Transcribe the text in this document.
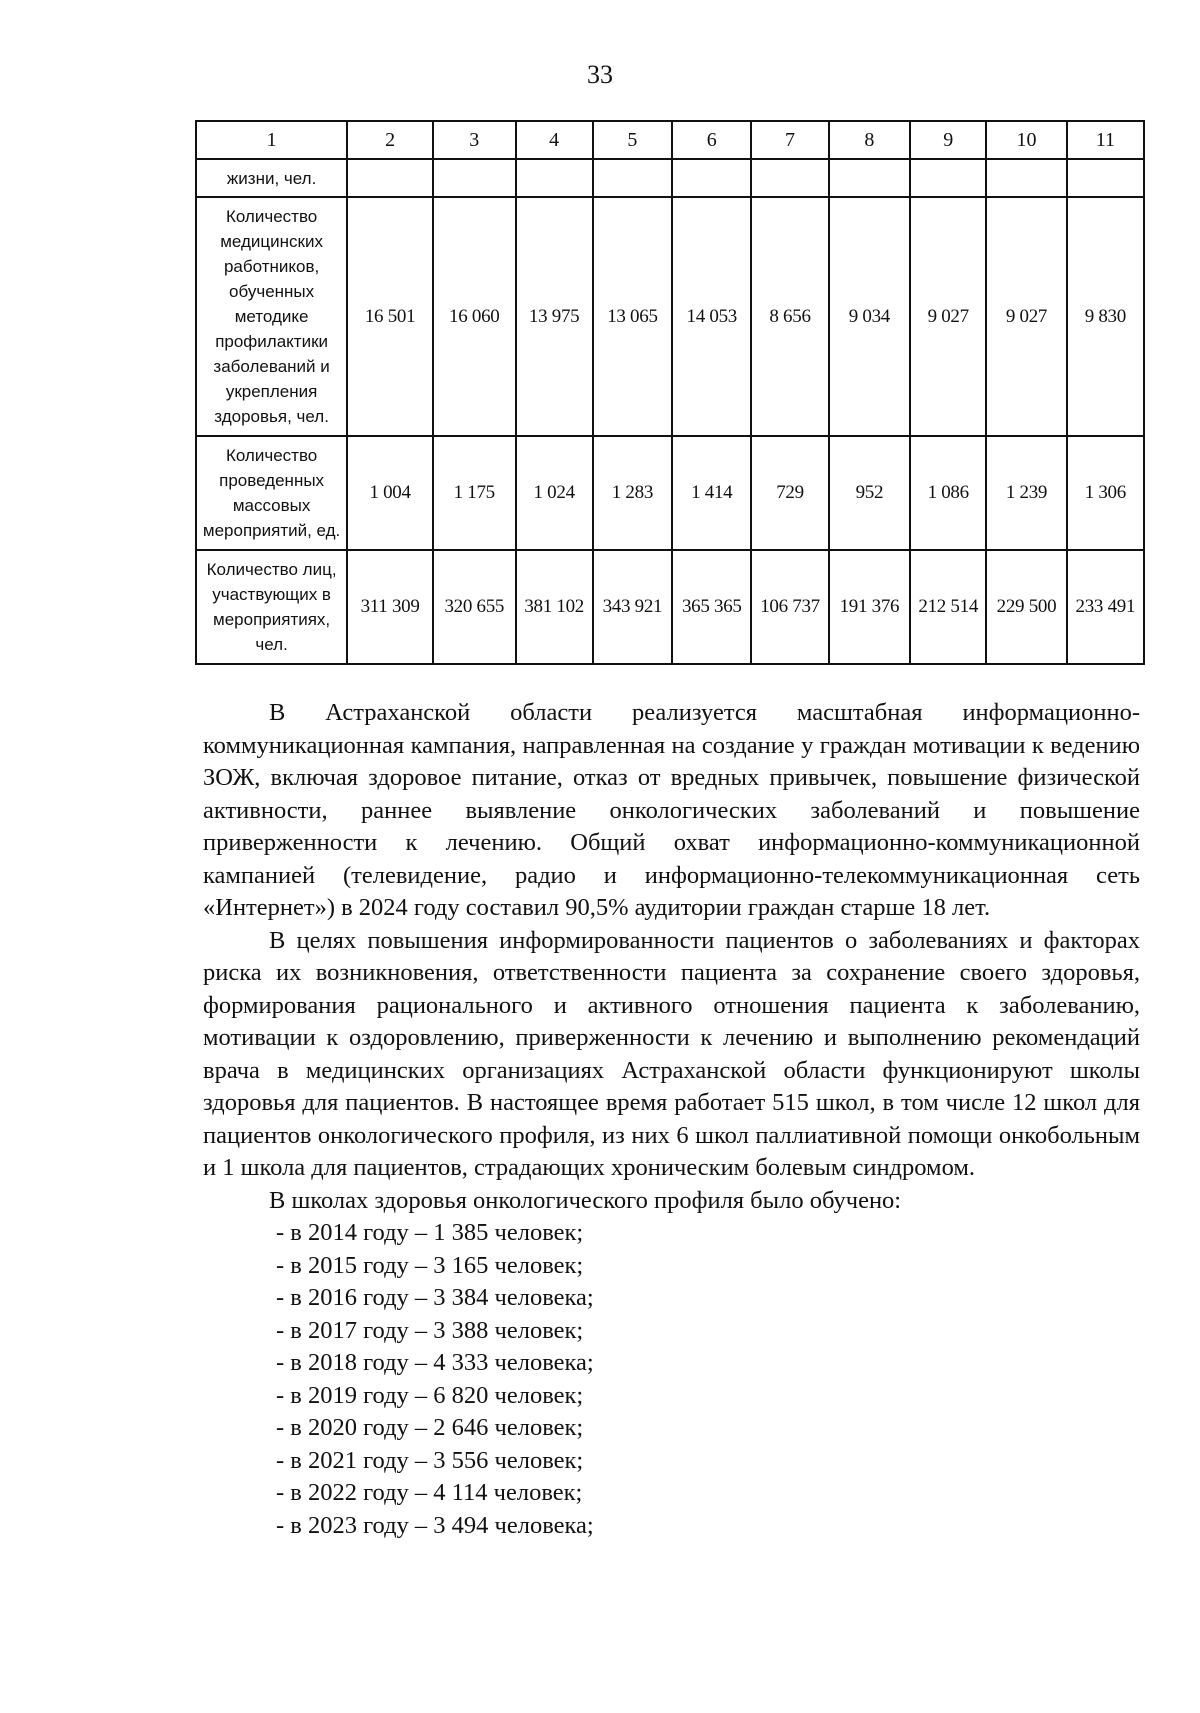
33
1	2	3	4	5	6	7	8	9	10	11
жизни, чел.										
Количество медицинских работников, обученных методике профилактики заболеваний и укрепления здоровья, чел.	16 501	16 060	13 975	13 065	14 053	8 656	9 034	9 027	9 027	9 830
Количество проведенных массовых мероприятий, ед.	1 004	1 175	1 024	1 283	1 414	729	952	1 086	1 239	1 306
Количество лиц, участвующих в мероприятиях, чел.	311 309	320 655	381 102	343 921	365 365	106 737	191 376	212 514	229 500	233 491

В Астраханской области реализуется масштабная информационно-коммуникационная кампания, направленная на создание у граждан мотивации к ведению ЗОЖ, включая здоровое питание, отказ от вредных привычек, повышение физической активности, раннее выявление онкологических заболеваний и повышение приверженности к лечению. Общий охват информационно-коммуникационной кампанией (телевидение, радио и информационно-телекоммуникационная сеть «Интернет») в 2024 году составил 90,5% аудитории граждан старше 18 лет.

В целях повышения информированности пациентов о заболеваниях и факторах риска их возникновения, ответственности пациента за сохранение своего здоровья, формирования рационального и активного отношения пациента к заболеванию, мотивации к оздоровлению, приверженности к лечению и выполнению рекомендаций врача в медицинских организациях Астраханской области функционируют школы здоровья для пациентов. В настоящее время работает 515 школ, в том числе 12 школ для пациентов онкологического профиля, из них 6 школ паллиативной помощи онкобольным и 1 школа для пациентов, страдающих хроническим болевым синдромом.

В школах здоровья онкологического профиля было обучено:

- в 2014 году – 1 385 человек;
- в 2015 году – 3 165 человек;
- в 2016 году – 3 384 человека;
- в 2017 году – 3 388 человек;
- в 2018 году – 4 333 человека;
- в 2019 году – 6 820 человек;
- в 2020 году – 2 646 человек;
- в 2021 году – 3 556 человек;
- в 2022 году – 4 114 человек;
- в 2023 году – 3 494 человека;
